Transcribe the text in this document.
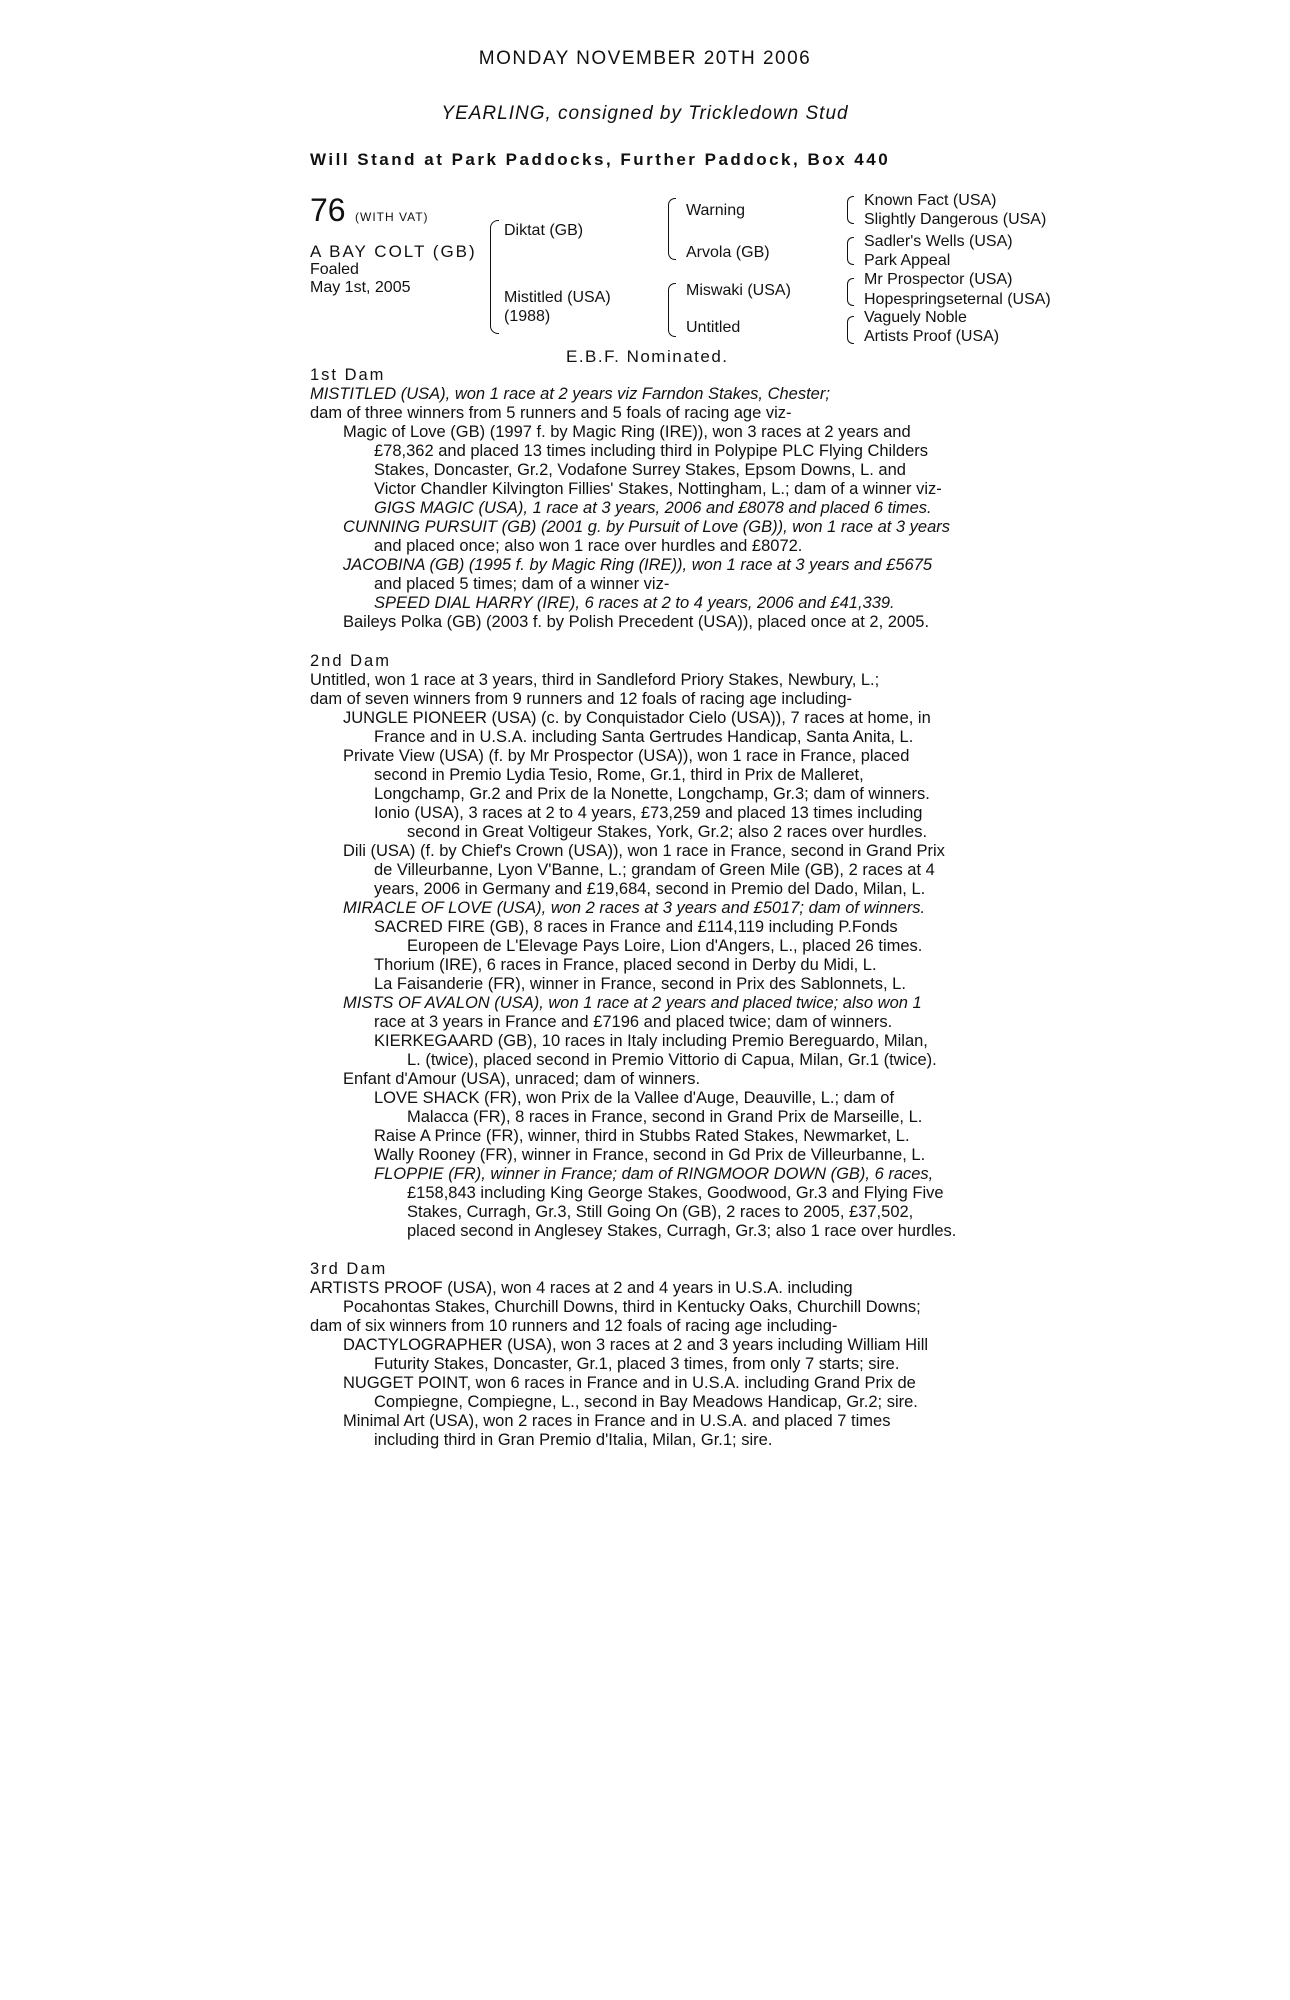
MONDAY NOVEMBER 20TH 2006
YEARLING, consigned by Trickledown Stud
Will Stand at Park Paddocks, Further Paddock, Box 440
76 (WITH VAT)
A BAY COLT (GB)
Foaled
May 1st, 2005
Diktat (GB)
Mistitled (USA)
(1988)
Warning
Arvola (GB)
Miswaki (USA)
Untitled
Known Fact (USA)
Slightly Dangerous (USA)
Sadler's Wells (USA)
Park Appeal
Mr Prospector (USA)
Hopespringseternal (USA)
Vaguely Noble
Artists Proof (USA)
E.B.F. Nominated.
1st Dam
MISTITLED (USA), won 1 race at 2 years viz Farndon Stakes, Chester;
dam of three winners from 5 runners and 5 foals of racing age viz-
Magic of Love (GB) (1997 f. by Magic Ring (IRE)), won 3 races at 2 years and
£78,362 and placed 13 times including third in Polypipe PLC Flying Childers
Stakes, Doncaster, Gr.2, Vodafone Surrey Stakes, Epsom Downs, L. and
Victor Chandler Kilvington Fillies' Stakes, Nottingham, L.; dam of a winner viz-
GIGS MAGIC (USA), 1 race at 3 years, 2006 and £8078 and placed 6 times.
CUNNING PURSUIT (GB) (2001 g. by Pursuit of Love (GB)), won 1 race at 3 years
and placed once; also won 1 race over hurdles and £8072.
JACOBINA (GB) (1995 f. by Magic Ring (IRE)), won 1 race at 3 years and £5675
and placed 5 times; dam of a winner viz-
SPEED DIAL HARRY (IRE), 6 races at 2 to 4 years, 2006 and £41,339.
Baileys Polka (GB) (2003 f. by Polish Precedent (USA)), placed once at 2, 2005.
2nd Dam
Untitled, won 1 race at 3 years, third in Sandleford Priory Stakes, Newbury, L.;
dam of seven winners from 9 runners and 12 foals of racing age including-
JUNGLE PIONEER (USA) (c. by Conquistador Cielo (USA)), 7 races at home, in
France and in U.S.A. including Santa Gertrudes Handicap, Santa Anita, L.
Private View (USA) (f. by Mr Prospector (USA)), won 1 race in France, placed
second in Premio Lydia Tesio, Rome, Gr.1, third in Prix de Malleret,
Longchamp, Gr.2 and Prix de la Nonette, Longchamp, Gr.3; dam of winners.
Ionio (USA), 3 races at 2 to 4 years, £73,259 and placed 13 times including
second in Great Voltigeur Stakes, York, Gr.2; also 2 races over hurdles.
Dili (USA) (f. by Chief's Crown (USA)), won 1 race in France, second in Grand Prix
de Villeurbanne, Lyon V'Banne, L.; grandam of Green Mile (GB), 2 races at 4
years, 2006 in Germany and £19,684, second in Premio del Dado, Milan, L.
MIRACLE OF LOVE (USA), won 2 races at 3 years and £5017; dam of winners.
SACRED FIRE (GB), 8 races in France and £114,119 including P.Fonds
Europeen de L'Elevage Pays Loire, Lion d'Angers, L., placed 26 times.
Thorium (IRE), 6 races in France, placed second in Derby du Midi, L.
La Faisanderie (FR), winner in France, second in Prix des Sablonnets, L.
MISTS OF AVALON (USA), won 1 race at 2 years and placed twice; also won 1
race at 3 years in France and £7196 and placed twice; dam of winners.
KIERKEGAARD (GB), 10 races in Italy including Premio Bereguardo, Milan,
L. (twice), placed second in Premio Vittorio di Capua, Milan, Gr.1 (twice).
Enfant d'Amour (USA), unraced; dam of winners.
LOVE SHACK (FR), won Prix de la Vallee d'Auge, Deauville, L.; dam of
Malacca (FR), 8 races in France, second in Grand Prix de Marseille, L.
Raise A Prince (FR), winner, third in Stubbs Rated Stakes, Newmarket, L.
Wally Rooney (FR), winner in France, second in Gd Prix de Villeurbanne, L.
FLOPPIE (FR), winner in France; dam of RINGMOOR DOWN (GB), 6 races,
£158,843 including King George Stakes, Goodwood, Gr.3 and Flying Five
Stakes, Curragh, Gr.3, Still Going On (GB), 2 races to 2005, £37,502,
placed second in Anglesey Stakes, Curragh, Gr.3; also 1 race over hurdles.
3rd Dam
ARTISTS PROOF (USA), won 4 races at 2 and 4 years in U.S.A. including
Pocahontas Stakes, Churchill Downs, third in Kentucky Oaks, Churchill Downs;
dam of six winners from 10 runners and 12 foals of racing age including-
DACTYLOGRAPHER (USA), won 3 races at 2 and 3 years including William Hill
Futurity Stakes, Doncaster, Gr.1, placed 3 times, from only 7 starts; sire.
NUGGET POINT, won 6 races in France and in U.S.A. including Grand Prix de
Compiegne, Compiegne, L., second in Bay Meadows Handicap, Gr.2; sire.
Minimal Art (USA), won 2 races in France and in U.S.A. and placed 7 times
including third in Gran Premio d'Italia, Milan, Gr.1; sire.
